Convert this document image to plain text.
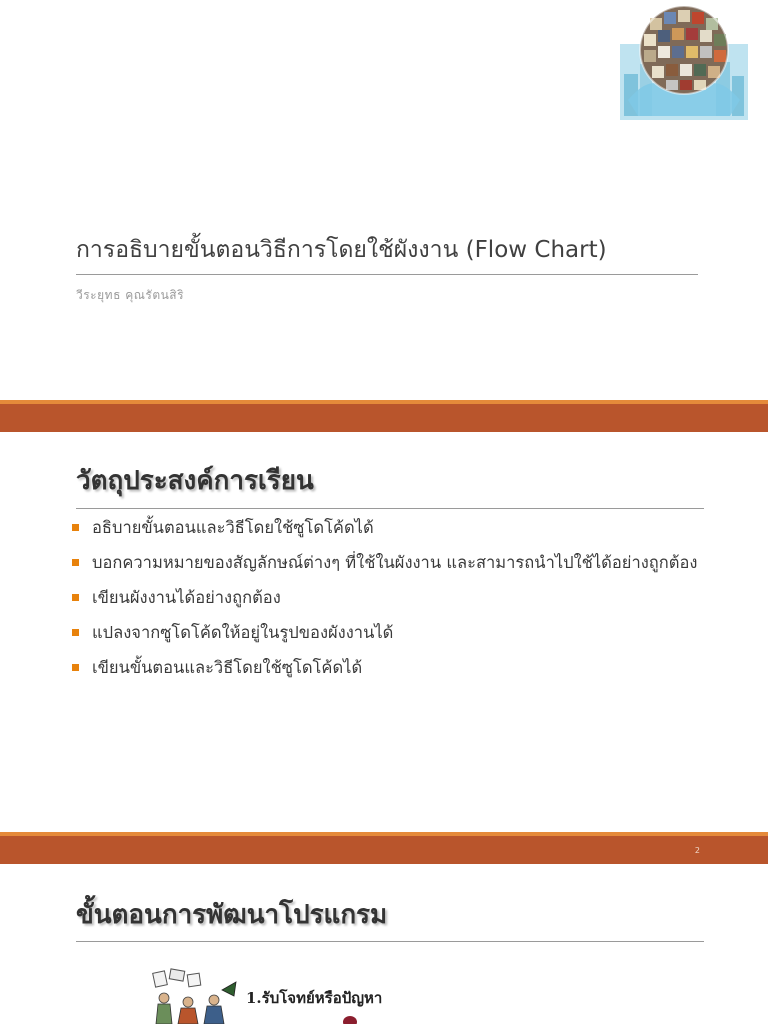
การอธิบายขั้นตอนวิธีการโดยใช้ผังงาน (Flow Chart)
วีระยุทธ คุณรัตนสิริ
วัตถุประสงค์การเรียน
อธิบายขั้นตอนและวิธีโดยใช้ซูโดโค้ดได้
บอกความหมายของสัญลักษณ์ต่างๆ ที่ใช้ในผังงาน และสามารถนำไปใช้ได้อย่างถูกต้อง
เขียนผังงานได้อย่างถูกต้อง
แปลงจากซูโดโค้ดให้อยู่ในรูปของผังงานได้
เขียนขั้นตอนและวิธีโดยใช้ซูโดโค้ดได้
2
ขั้นตอนการพัฒนาโปรแกรม
1.รับโจทย์หรือปัญหา
